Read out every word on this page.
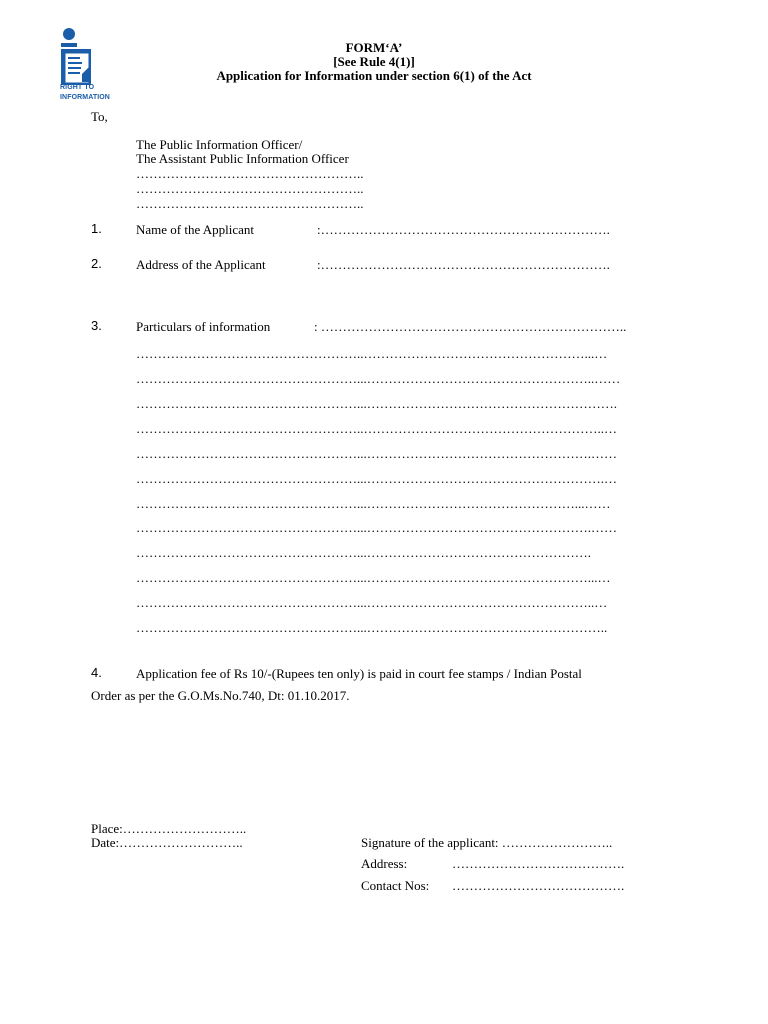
RIGHT TO
INFORMATION
FORM‘A’
[See Rule 4(1)]
Application for Information under section 6(1) of the Act
To,
The Public Information Officer/
The Assistant Public Information Officer
……………………………………………..
……………………………………………..
……………………………………………..
1.	Name of the Applicant	:………………………………………………………….
2.	Address of the Applicant	:………………………………………………………….
3.	Particulars of information	: ……………………………………………………………..
……………………………………………..……………………………………………...…
……………………………………………...……………………………………………..……
……………………………………………...………………………………………………….
……………………………………………..………………………………………………..…
……………………………………………...…………………………………………….……
……………………………………………...……………………………………………….…
……………………………………………...…………………………………………...……
……………………………………………...…………………………………………….……
……………………………………………...…………………………………………….
……………………………………………...……………………………………………...…
……………………………………………...……………………………………………..…
……………………………………………...………………………………………………..
4.	Application fee of Rs 10/-(Rupees ten only) is paid in court fee stamps / Indian Postal
Order as per the G.O.Ms.No.740, Dt: 01.10.2017.
Place:………………………..
Date:………………………..	Signature of the applicant: ……………………..
Address:	………………………………….
Contact Nos: ………………………………….
